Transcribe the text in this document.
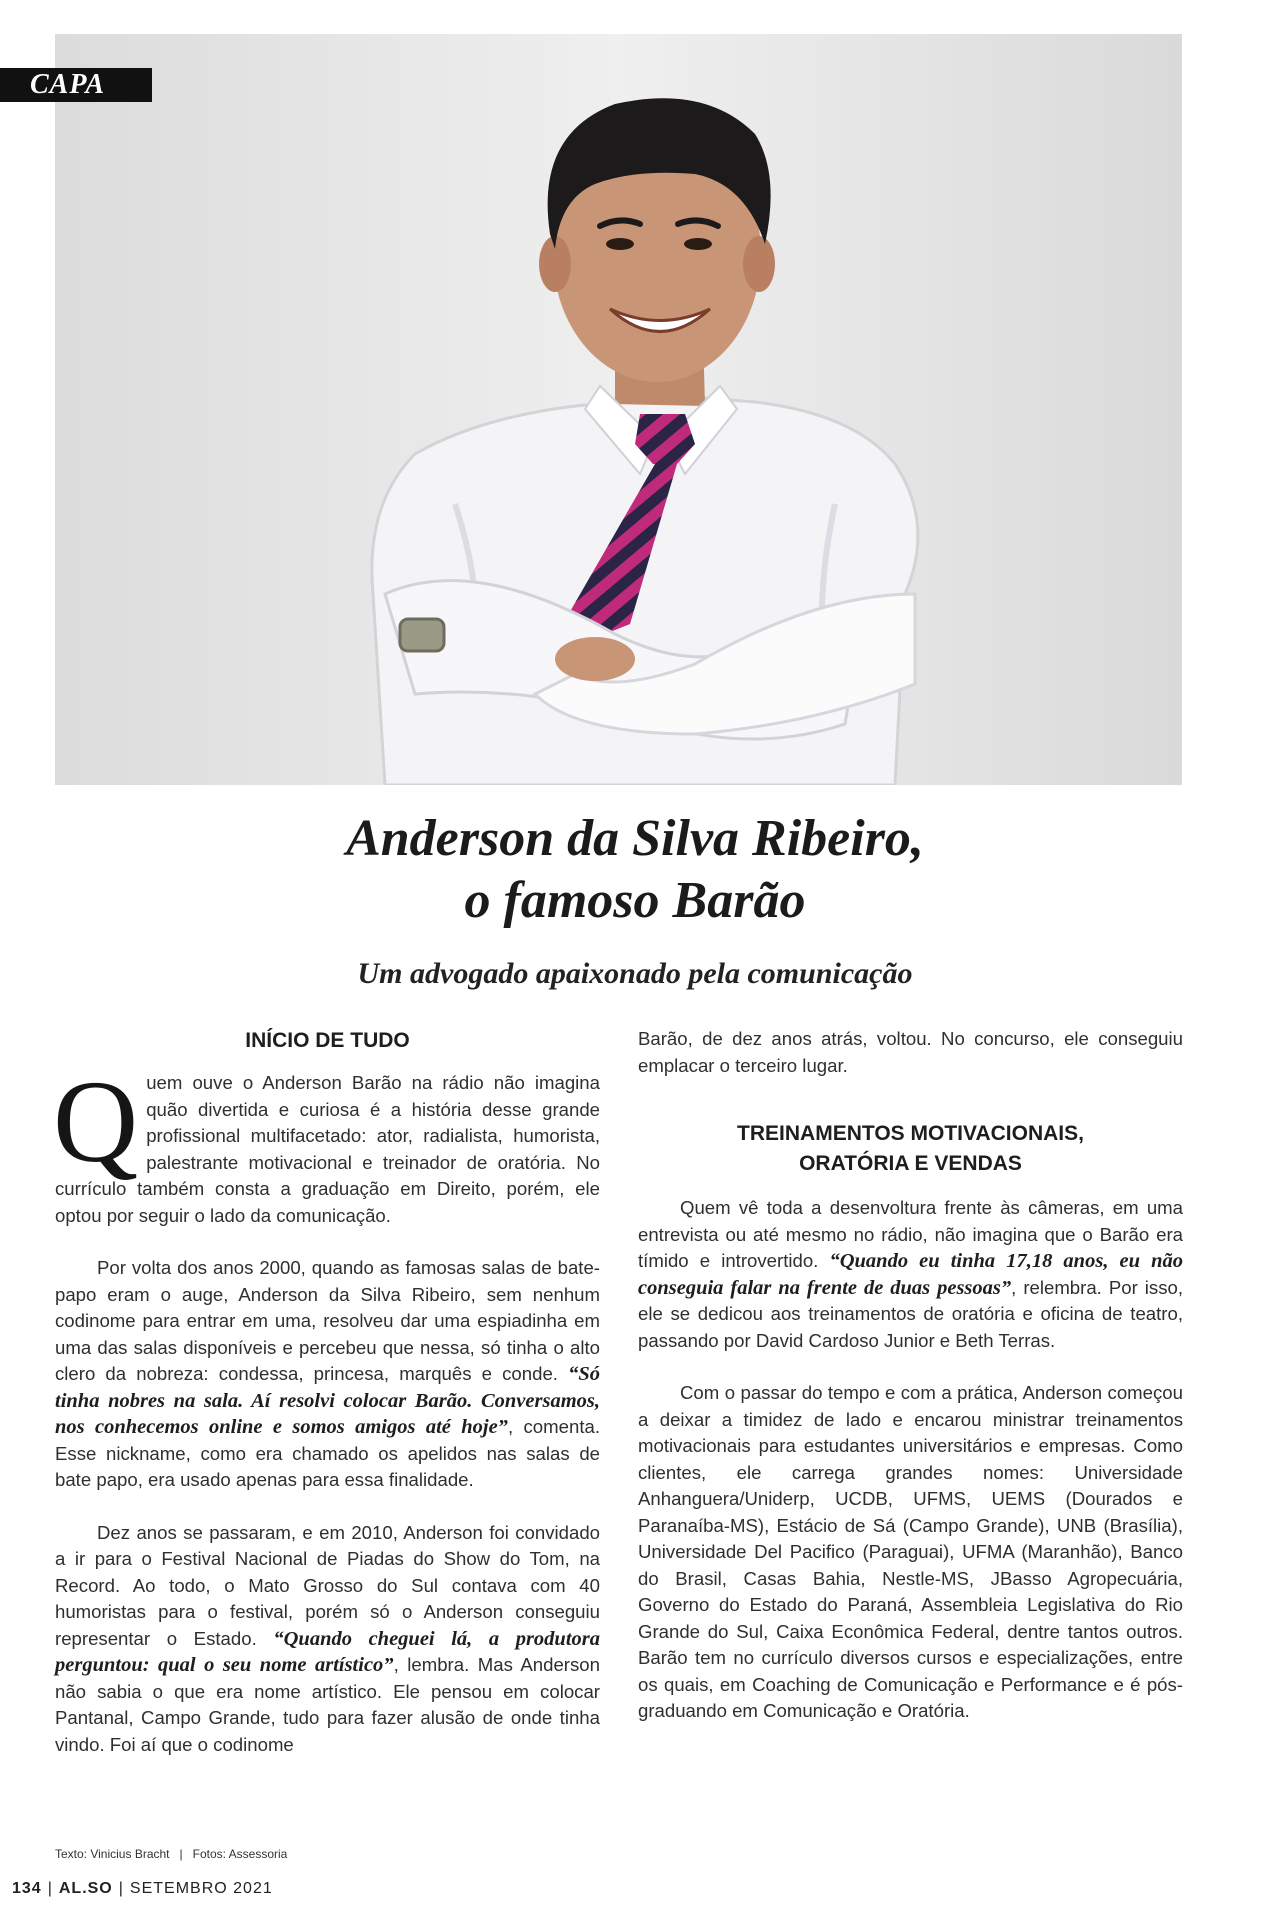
CAPA
Anderson da Silva Ribeiro,
o famoso Barão
Um advogado apaixonado pela comunicação
INÍCIO DE TUDO

Quem ouve o Anderson Barão na rádio não imagina quão divertida e curiosa é a história desse grande profissional multifacetado: ator, radialista, humorista, palestrante motivacional e treinador de oratória. No currículo também consta a graduação em Direito, porém, ele optou por seguir o lado da comunicação.

Por volta dos anos 2000, quando as famosas salas de bate-papo eram o auge, Anderson da Silva Ribeiro, sem nenhum codinome para entrar em uma, resolveu dar uma espiadinha em uma das salas disponíveis e percebeu que nessa, só tinha o alto clero da nobreza: condessa, princesa, marquês e conde. “Só tinha nobres na sala. Aí resolvi colocar Barão. Conversamos, nos conhecemos online e somos amigos até hoje”, comenta. Esse nickname, como era chamado os apelidos nas salas de bate papo, era usado apenas para essa finalidade.

Dez anos se passaram, e em 2010, Anderson foi convidado a ir para o Festival Nacional de Piadas do Show do Tom, na Record. Ao todo, o Mato Grosso do Sul contava com 40 humoristas para o festival, porém só o Anderson conseguiu representar o Estado. “Quando cheguei lá, a produtora perguntou: qual o seu nome artístico”, lembra. Mas Anderson não sabia o que era nome artístico. Ele pensou em colocar Pantanal, Campo Grande, tudo para fazer alusão de onde tinha vindo. Foi aí que o codinome

Barão, de dez anos atrás, voltou. No concurso, ele conseguiu emplacar o terceiro lugar.

TREINAMENTOS MOTIVACIONAIS,
ORATÓRIA E VENDAS

Quem vê toda a desenvoltura frente às câmeras, em uma entrevista ou até mesmo no rádio, não imagina que o Barão era tímido e introvertido. “Quando eu tinha 17,18 anos, eu não conseguia falar na frente de duas pessoas”, relembra. Por isso, ele se dedicou aos treinamentos de oratória e oficina de teatro, passando por David Cardoso Junior e Beth Terras.

Com o passar do tempo e com a prática, Anderson começou a deixar a timidez de lado e encarou ministrar treinamentos motivacionais para estudantes universitários e empresas. Como clientes, ele carrega grandes nomes: Universidade Anhanguera/Uniderp, UCDB, UFMS, UEMS (Dourados e Paranaíba-MS), Estácio de Sá (Campo Grande), UNB (Brasília), Universidade Del Pacifico (Paraguai), UFMA (Maranhão), Banco do Brasil, Casas Bahia, Nestle-MS, JBasso Agropecuária, Governo do Estado do Paraná, Assembleia Legislativa do Rio Grande do Sul, Caixa Econômica Federal, dentre tantos outros. Barão tem no currículo diversos cursos e especializações, entre os quais, em Coaching de Comunicação e Performance e é pós-graduando em Comunicação e Oratória.

Texto: Vinicius Bracht | Fotos: Assessoria
134 | AL.SO | SETEMBRO 2021
